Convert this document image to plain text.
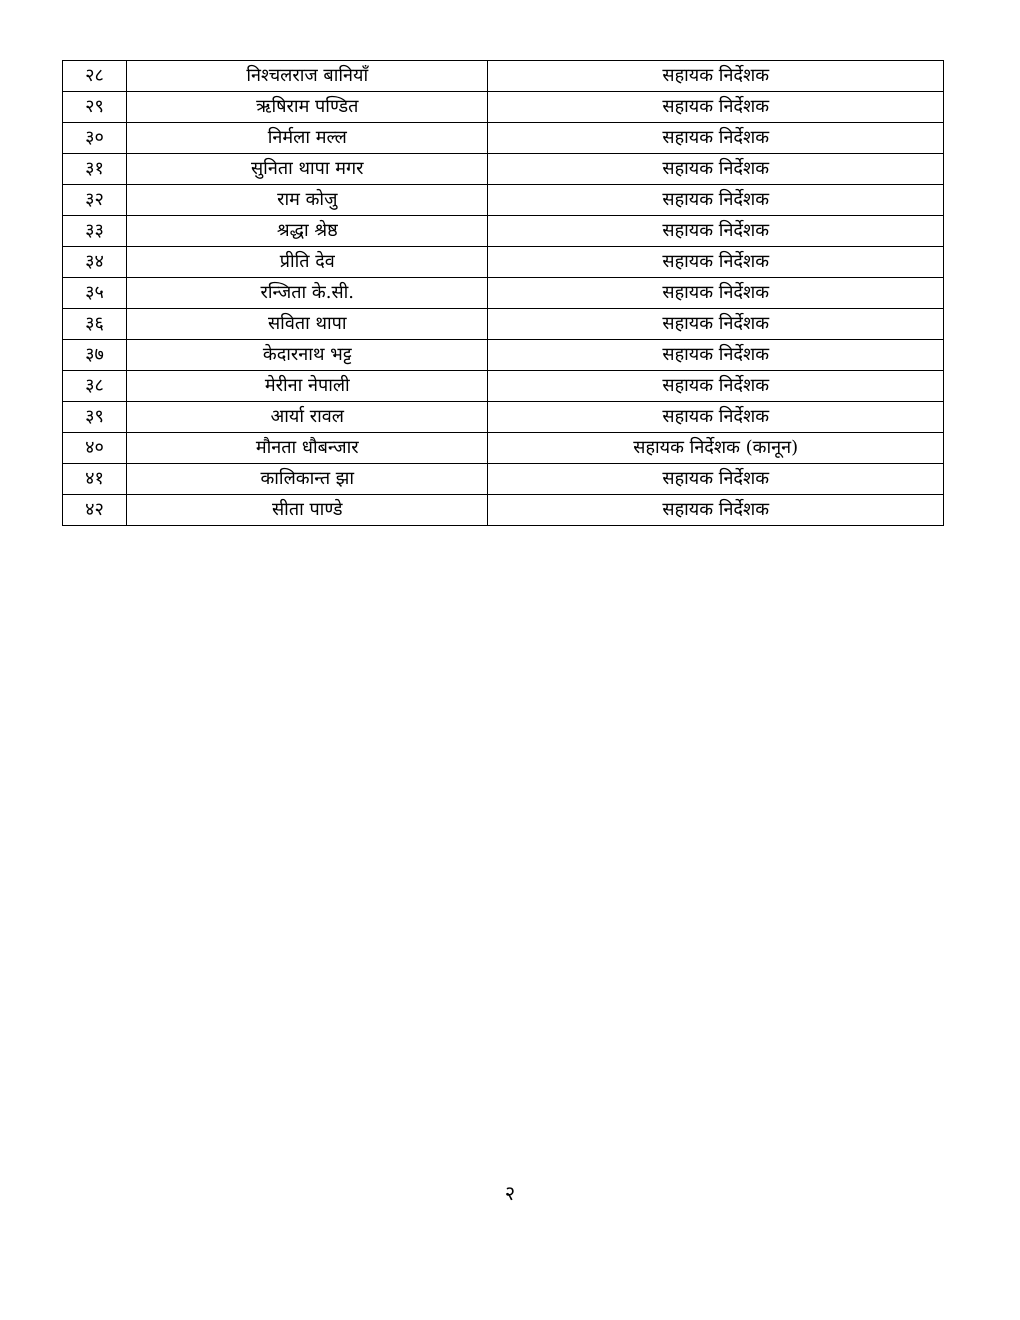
२८	निश्चलराज बानियाँ	सहायक निर्देशक
२९	ऋषिराम पण्डित	सहायक निर्देशक
३०	निर्मला मल्ल	सहायक निर्देशक
३१	सुनिता थापा मगर	सहायक निर्देशक
३२	राम कोजु	सहायक निर्देशक
३३	श्रद्धा श्रेष्ठ	सहायक निर्देशक
३४	प्रीति देव	सहायक निर्देशक
३५	रन्जिता के.सी.	सहायक निर्देशक
३६	सविता थापा	सहायक निर्देशक
३७	केदारनाथ भट्ट	सहायक निर्देशक
३८	मेरीना नेपाली	सहायक निर्देशक
३९	आर्या रावल	सहायक निर्देशक
४०	मौनता धौबन्जार	सहायक निर्देशक (कानून)
४१	कालिकान्त झा	सहायक निर्देशक
४२	सीता पाण्डे	सहायक निर्देशक
२
